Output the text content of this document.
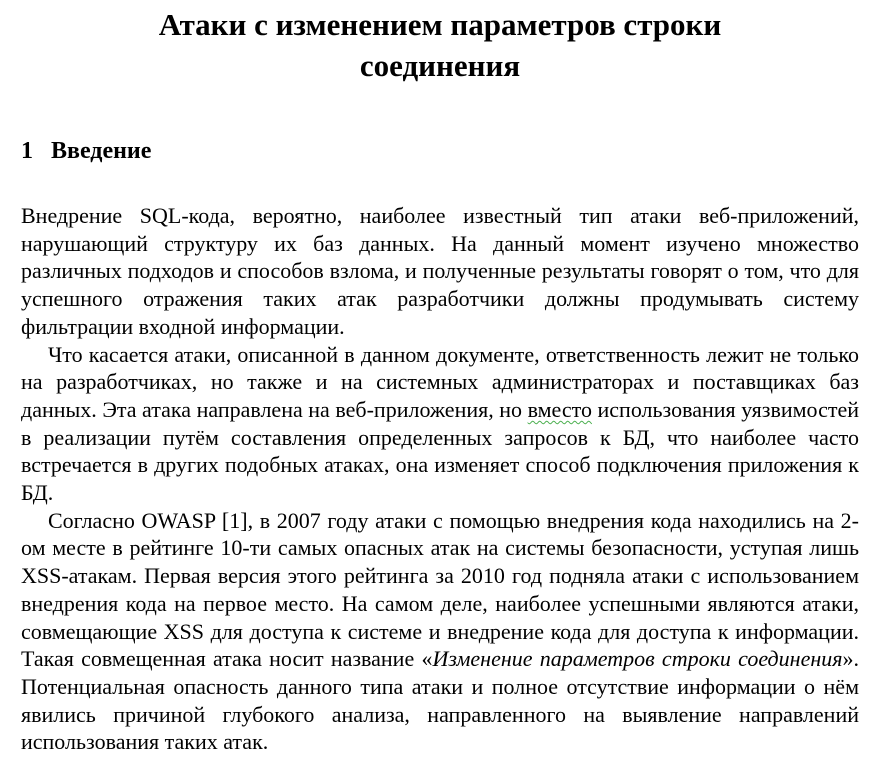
Атаки с изменением параметров строки соединения
1 Введение

Внедрение SQL-кода, вероятно, наиболее известный тип атаки веб-приложений, нарушающий структуру их баз данных. На данный момент изучено множество различных подходов и способов взлома, и полученные результаты говорят о том, что для успешного отражения таких атак разработчики должны продумывать систему фильтрации входной информации.

Что касается атаки, описанной в данном документе, ответственность лежит не только на разработчиках, но также и на системных администраторах и поставщиках баз данных. Эта атака направлена на веб-приложения, но вместо использования уязвимостей в реализации путём составления определенных запросов к БД, что наиболее часто встречается в других подобных атаках, она изменяет способ подключения приложения к БД.

Согласно OWASP [1], в 2007 году атаки с помощью внедрения кода находились на 2-ом месте в рейтинге 10-ти самых опасных атак на системы безопасности, уступая лишь XSS-атакам. Первая версия этого рейтинга за 2010 год подняла атаки с использованием внедрения кода на первое место. На самом деле, наиболее успешными являются атаки, совмещающие XSS для доступа к системе и внедрение кода для доступа к информации. Такая совмещенная атака носит название «Изменение параметров строки соединения». Потенциальная опасность данного типа атаки и полное отсутствие информации о нём явились причиной глубокого анализа, направленного на выявление направлений использования таких атак.
